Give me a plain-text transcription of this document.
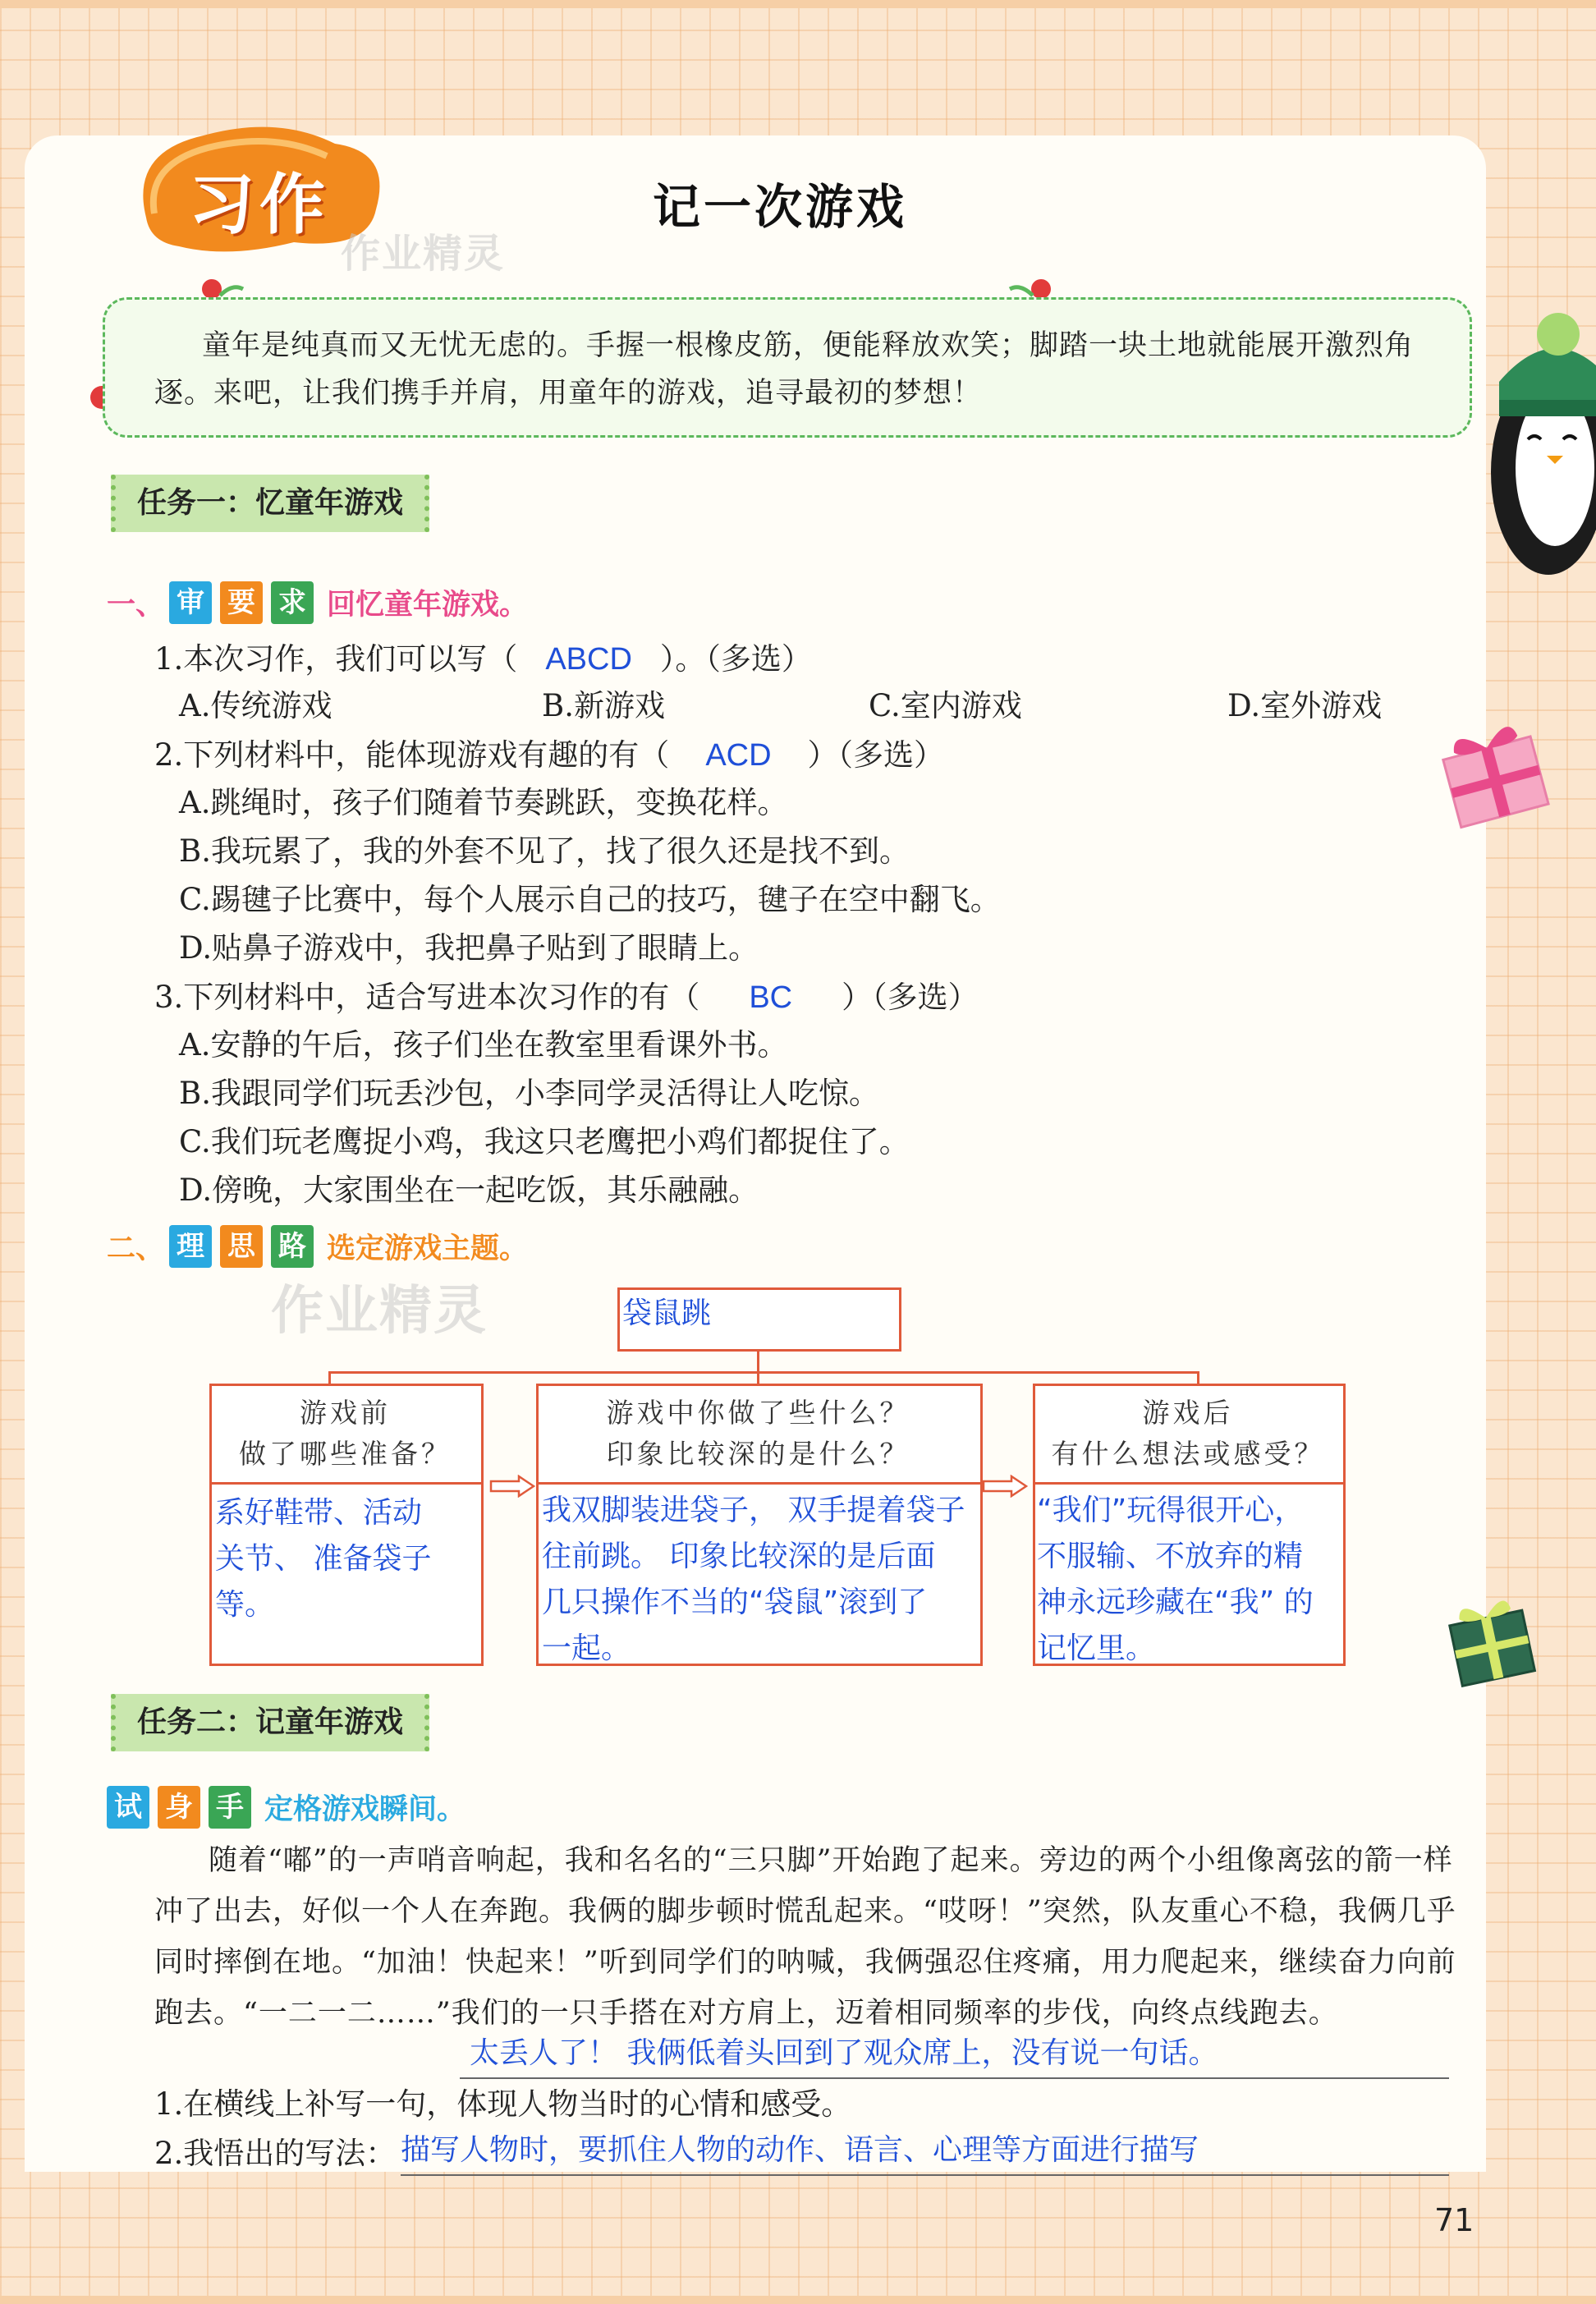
习作	记一次游戏
作业精灵
童年是纯真而又无忧无虑的。手握一根橡皮筋，便能释放欢笑；脚踏一块土地就能展开激烈角逐。来吧，让我们携手并肩，用童年的游戏，追寻最初的梦想！
任务一：忆童年游戏
一、 审 要 求 回忆童年游戏。
1.本次习作，我们可以写（ ABCD ）。（多选）
A.传统游戏	B.新游戏	C.室内游戏	D.室外游戏
2.下列材料中，能体现游戏有趣的有（ ACD ）（多选）
A.跳绳时，孩子们随着节奏跳跃，变换花样。
B.我玩累了，我的外套不见了，找了很久还是找不到。
C.踢毽子比赛中，每个人展示自己的技巧，毽子在空中翻飞。
D.贴鼻子游戏中，我把鼻子贴到了眼睛上。
3.下列材料中，适合写进本次习作的有（ BC ）（多选）
A.安静的午后，孩子们坐在教室里看课外书。
B.我跟同学们玩丢沙包，小李同学灵活得让人吃惊。
C.我们玩老鹰捉小鸡，我这只老鹰把小鸡们都捉住了。
D.傍晚，大家围坐在一起吃饭，其乐融融。
二、 理 思 路 选定游戏主题。
作业精灵	袋鼠跳
游戏前
做了哪些准备？
系好鞋带、活动
关节、 准备袋子
等。
游戏中你做了些什么？
印象比较深的是什么？
我双脚装进袋子， 双手提着袋子
往前跳。 印象比较深的是后面
几只操作不当的“袋鼠”滚到了
一起。
游戏后
有什么想法或感受？
“我们”玩得很开心，
不服输、不放弃的精
神永远珍藏在“我” 的
记忆里。
任务二：记童年游戏
试 身 手 定格游戏瞬间。
随着“嘟”的一声哨音响起，我和名名的“三只脚”开始跑了起来。旁边的两个小组像离弦的箭一样冲了出去，好似一个人在奔跑。我俩的脚步顿时慌乱起来。“哎呀！”突然，队友重心不稳，我俩几乎同时摔倒在地。“加油！快起来！”听到同学们的呐喊，我俩强忍住疼痛，用力爬起来，继续奋力向前跑去。“一二一二……”我们的一只手搭在对方肩上，迈着相同频率的步伐，向终点线跑去。
太丢人了！ 我俩低着头回到了观众席上，没有说一句话。
1.在横线上补写一句，体现人物当时的心情和感受。
2.我悟出的写法： 描写人物时，要抓住人物的动作、语言、心理等方面进行描写
71
